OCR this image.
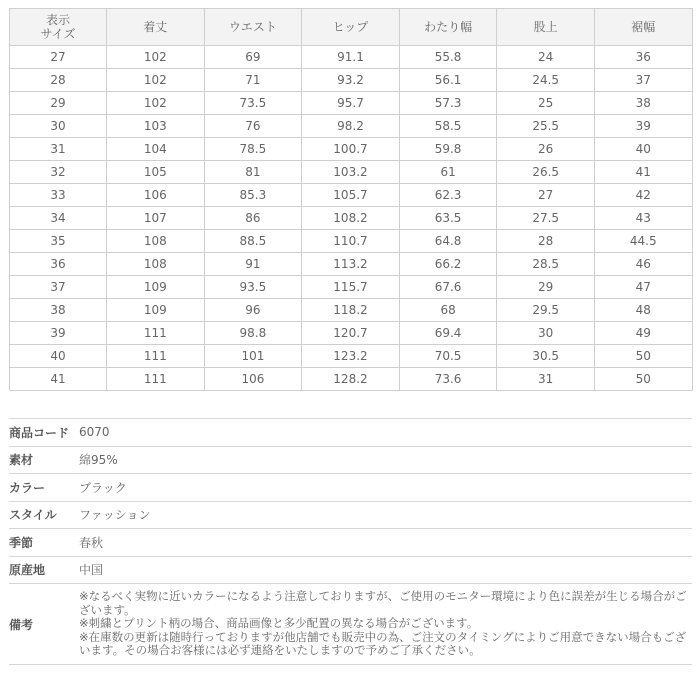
表示
サイズ	着丈	ウエスト	ヒップ	わたり幅	股上	裾幅
27	102	69	91.1	55.8	24	36
28	102	71	93.2	56.1	24.5	37
29	102	73.5	95.7	57.3	25	38
30	103	76	98.2	58.5	25.5	39
31	104	78.5	100.7	59.8	26	40
32	105	81	103.2	61	26.5	41
33	106	85.3	105.7	62.3	27	42
34	107	86	108.2	63.5	27.5	43
35	108	88.5	110.7	64.8	28	44.5
36	108	91	113.2	66.2	28.5	46
37	109	93.5	115.7	67.6	29	47
38	109	96	118.2	68	29.5	48
39	111	98.8	120.7	69.4	30	49
40	111	101	123.2	70.5	30.5	50
41	111	106	128.2	73.6	31	50
商品コード 6070
素材	綿95%
カラー	ブラック
スタイル	ファッション
季節	春秋
原産地	中国
備考
※なるべく実物に近いカラーになるよう注意しておりますが、ご使用のモニター環境により色に誤差が生じる場合がございます。
※刺繍とプリント柄の場合、商品画像と多少配置の異なる場合がございます。
※在庫数の更新は随時行っておりますが他店舗でも販売中の為、ご注文のタイミングによりご用意できない場合もございます。その場合お客様には必ず連絡をいたしますので予めご了承ください。
